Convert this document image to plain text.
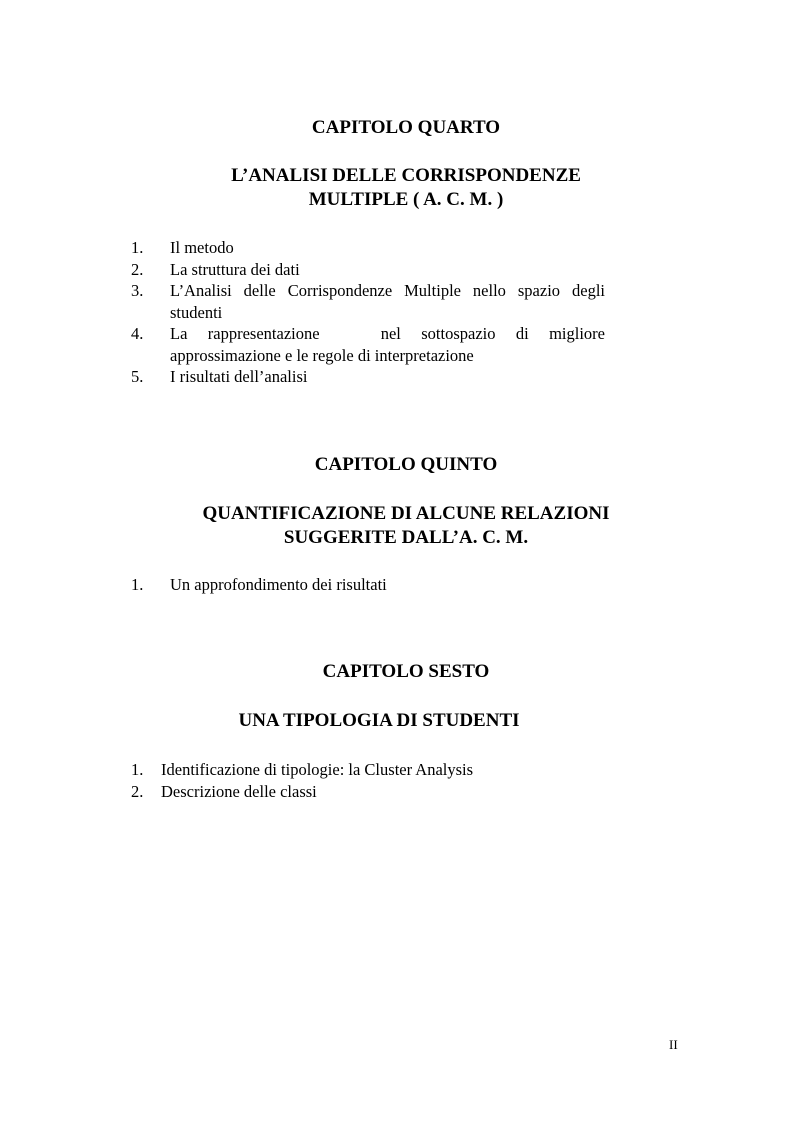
CAPITOLO QUARTO
L’ANALISI DELLE CORRISPONDENZE
MULTIPLE ( A. C. M. )
1. Il metodo
2. La struttura dei dati
3. L’Analisi delle Corrispondenze Multiple nello spazio degli studenti
4. La rappresentazione   nel sottospazio di migliore approssimazione e le regole di interpretazione
5. I risultati dell’analisi
CAPITOLO QUINTO
QUANTIFICAZIONE DI ALCUNE RELAZIONI
SUGGERITE DALL’A. C. M.
1. Un approfondimento dei risultati
CAPITOLO SESTO
UNA TIPOLOGIA DI STUDENTI
1. Identificazione di tipologie: la Cluster Analysis
2. Descrizione delle classi
II
